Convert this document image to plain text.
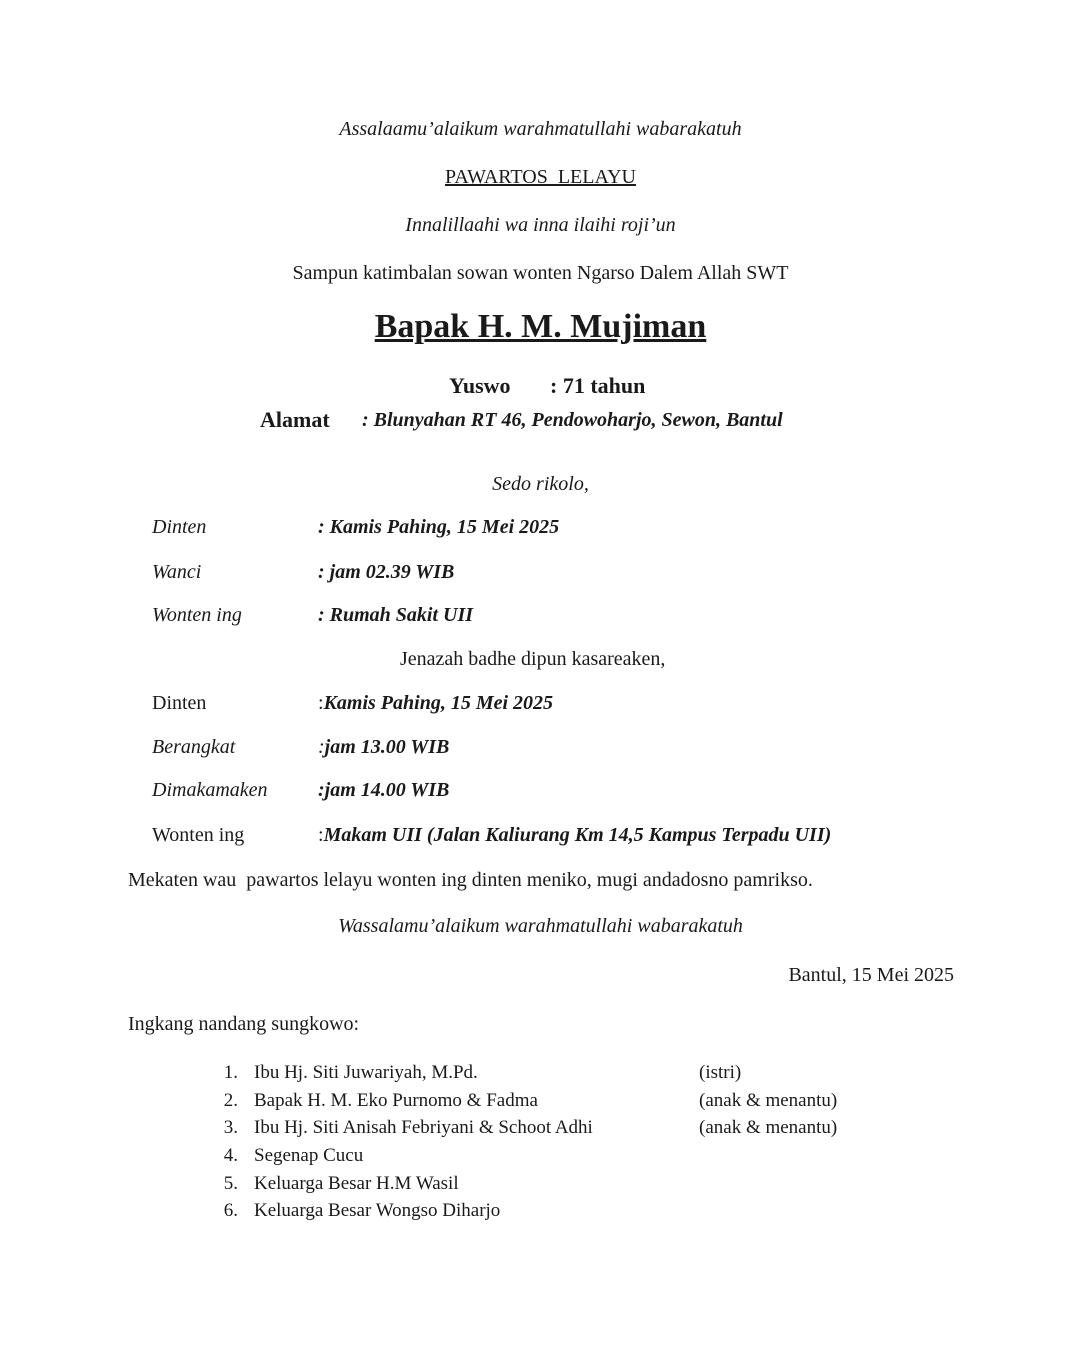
Assalaamu’alaikum warahmatullahi wabarakatuh
PAWARTOS  LELAYU
Innalillaahi wa inna ilaihi roji’un
Sampun katimbalan sowan wonten Ngarso Dalem Allah SWT
Bapak H. M. Mujiman
Yuswo : 71 tahun
Alamat : Blunyahan RT 46, Pendowoharjo, Sewon, Bantul
Sedo rikolo,
Dinten	: Kamis Pahing, 15 Mei 2025
Wanci	: jam 02.39 WIB
Wonten ing	: Rumah Sakit UII
Jenazah badhe dipun kasareaken,
Dinten	:Kamis Pahing, 15 Mei 2025
Berangkat	:jam 13.00 WIB
Dimakamaken	:jam 14.00 WIB
Wonten ing	:Makam UII (Jalan Kaliurang Km 14,5 Kampus Terpadu UII)
Mekaten wau  pawartos lelayu wonten ing dinten meniko, mugi andadosno pamrikso.
Wassalamu’alaikum warahmatullahi wabarakatuh
Bantul, 15 Mei 2025
Ingkang nandang sungkowo:
1. Ibu Hj. Siti Juwariyah, M.Pd.	(istri)
2. Bapak H. M. Eko Purnomo & Fadma	(anak & menantu)
3. Ibu Hj. Siti Anisah Febriyani & Schoot Adhi	(anak & menantu)
4. Segenap Cucu
5. Keluarga Besar H.M Wasil
6. Keluarga Besar Wongso Diharjo
